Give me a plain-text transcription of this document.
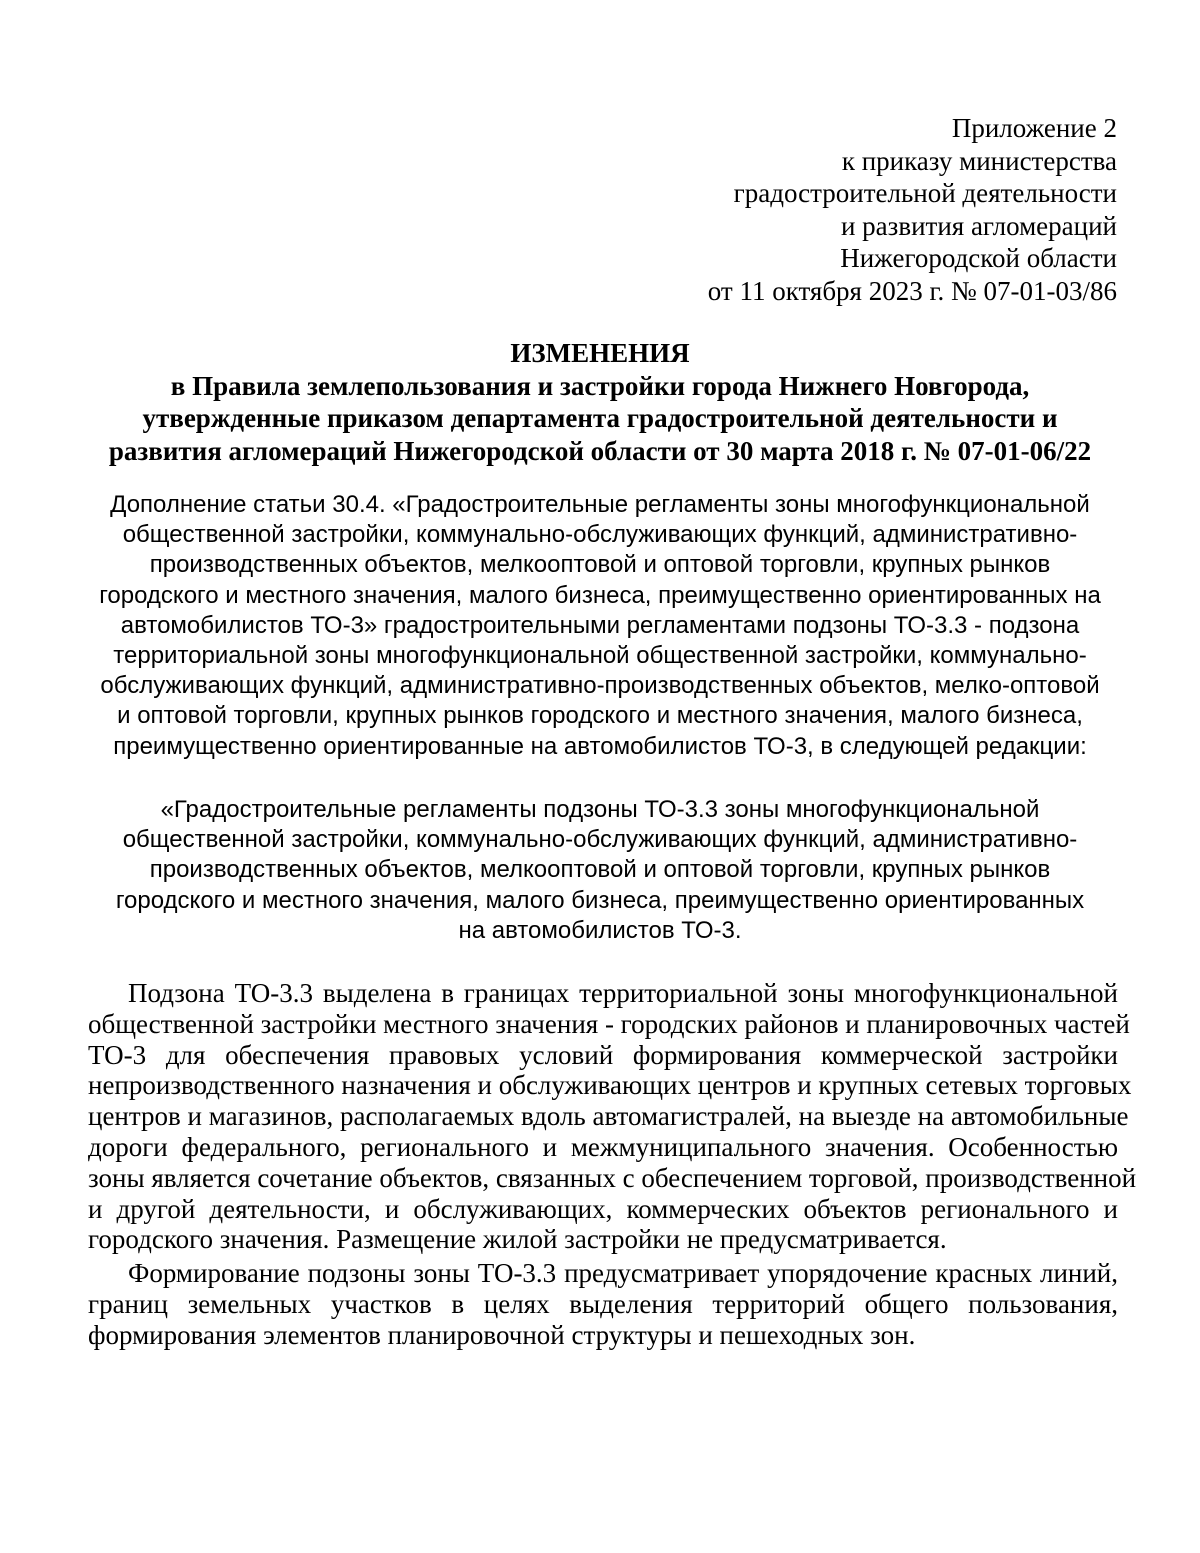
Приложение 2
к приказу министерства
градостроительной деятельности
и развития агломераций
Нижегородской области
от 11 октября 2023 г. № 07-01-03/86
ИЗМЕНЕНИЯ
в Правила землепользования и застройки города Нижнего Новгорода,
утвержденные приказом департамента градостроительной деятельности и
развития агломераций Нижегородской области от 30 марта 2018 г. № 07-01-06/22
Дополнение статьи 30.4. «Градостроительные регламенты зоны многофункциональной
общественной застройки, коммунально-обслуживающих функций, административно-
производственных объектов, мелкооптовой и оптовой торговли, крупных рынков
городского и местного значения, малого бизнеса, преимущественно ориентированных на
автомобилистов ТО-3» градостроительными регламентами подзоны ТО-3.3 - подзона
территориальной зоны многофункциональной общественной застройки, коммунально-
обслуживающих функций, административно-производственных объектов, мелко-оптовой
и оптовой торговли, крупных рынков городского и местного значения, малого бизнеса,
преимущественно ориентированные на автомобилистов ТО-3, в следующей редакции:
«Градостроительные регламенты подзоны ТО-3.3 зоны многофункциональной
общественной застройки, коммунально-обслуживающих функций, административно-
производственных объектов, мелкооптовой и оптовой торговли, крупных рынков
городского и местного значения, малого бизнеса, преимущественно ориентированных
на автомобилистов ТО-3.
Подзона ТО-3.3 выделена в границах территориальной зоны многофункциональной
общественной застройки местного значения - городских районов и планировочных частей
ТО-3 для обеспечения правовых условий формирования коммерческой застройки
непроизводственного назначения и обслуживающих центров и крупных сетевых торговых
центров и магазинов, располагаемых вдоль автомагистралей, на выезде на автомобильные
дороги федерального, регионального и межмуниципального значения. Особенностью
зоны является сочетание объектов, связанных с обеспечением торговой, производственной
и другой деятельности, и обслуживающих, коммерческих объектов регионального и
городского значения. Размещение жилой застройки не предусматривается.
Формирование подзоны зоны ТО-3.3 предусматривает упорядочение красных линий,
границ земельных участков в целях выделения территорий общего пользования,
формирования элементов планировочной структуры и пешеходных зон.
